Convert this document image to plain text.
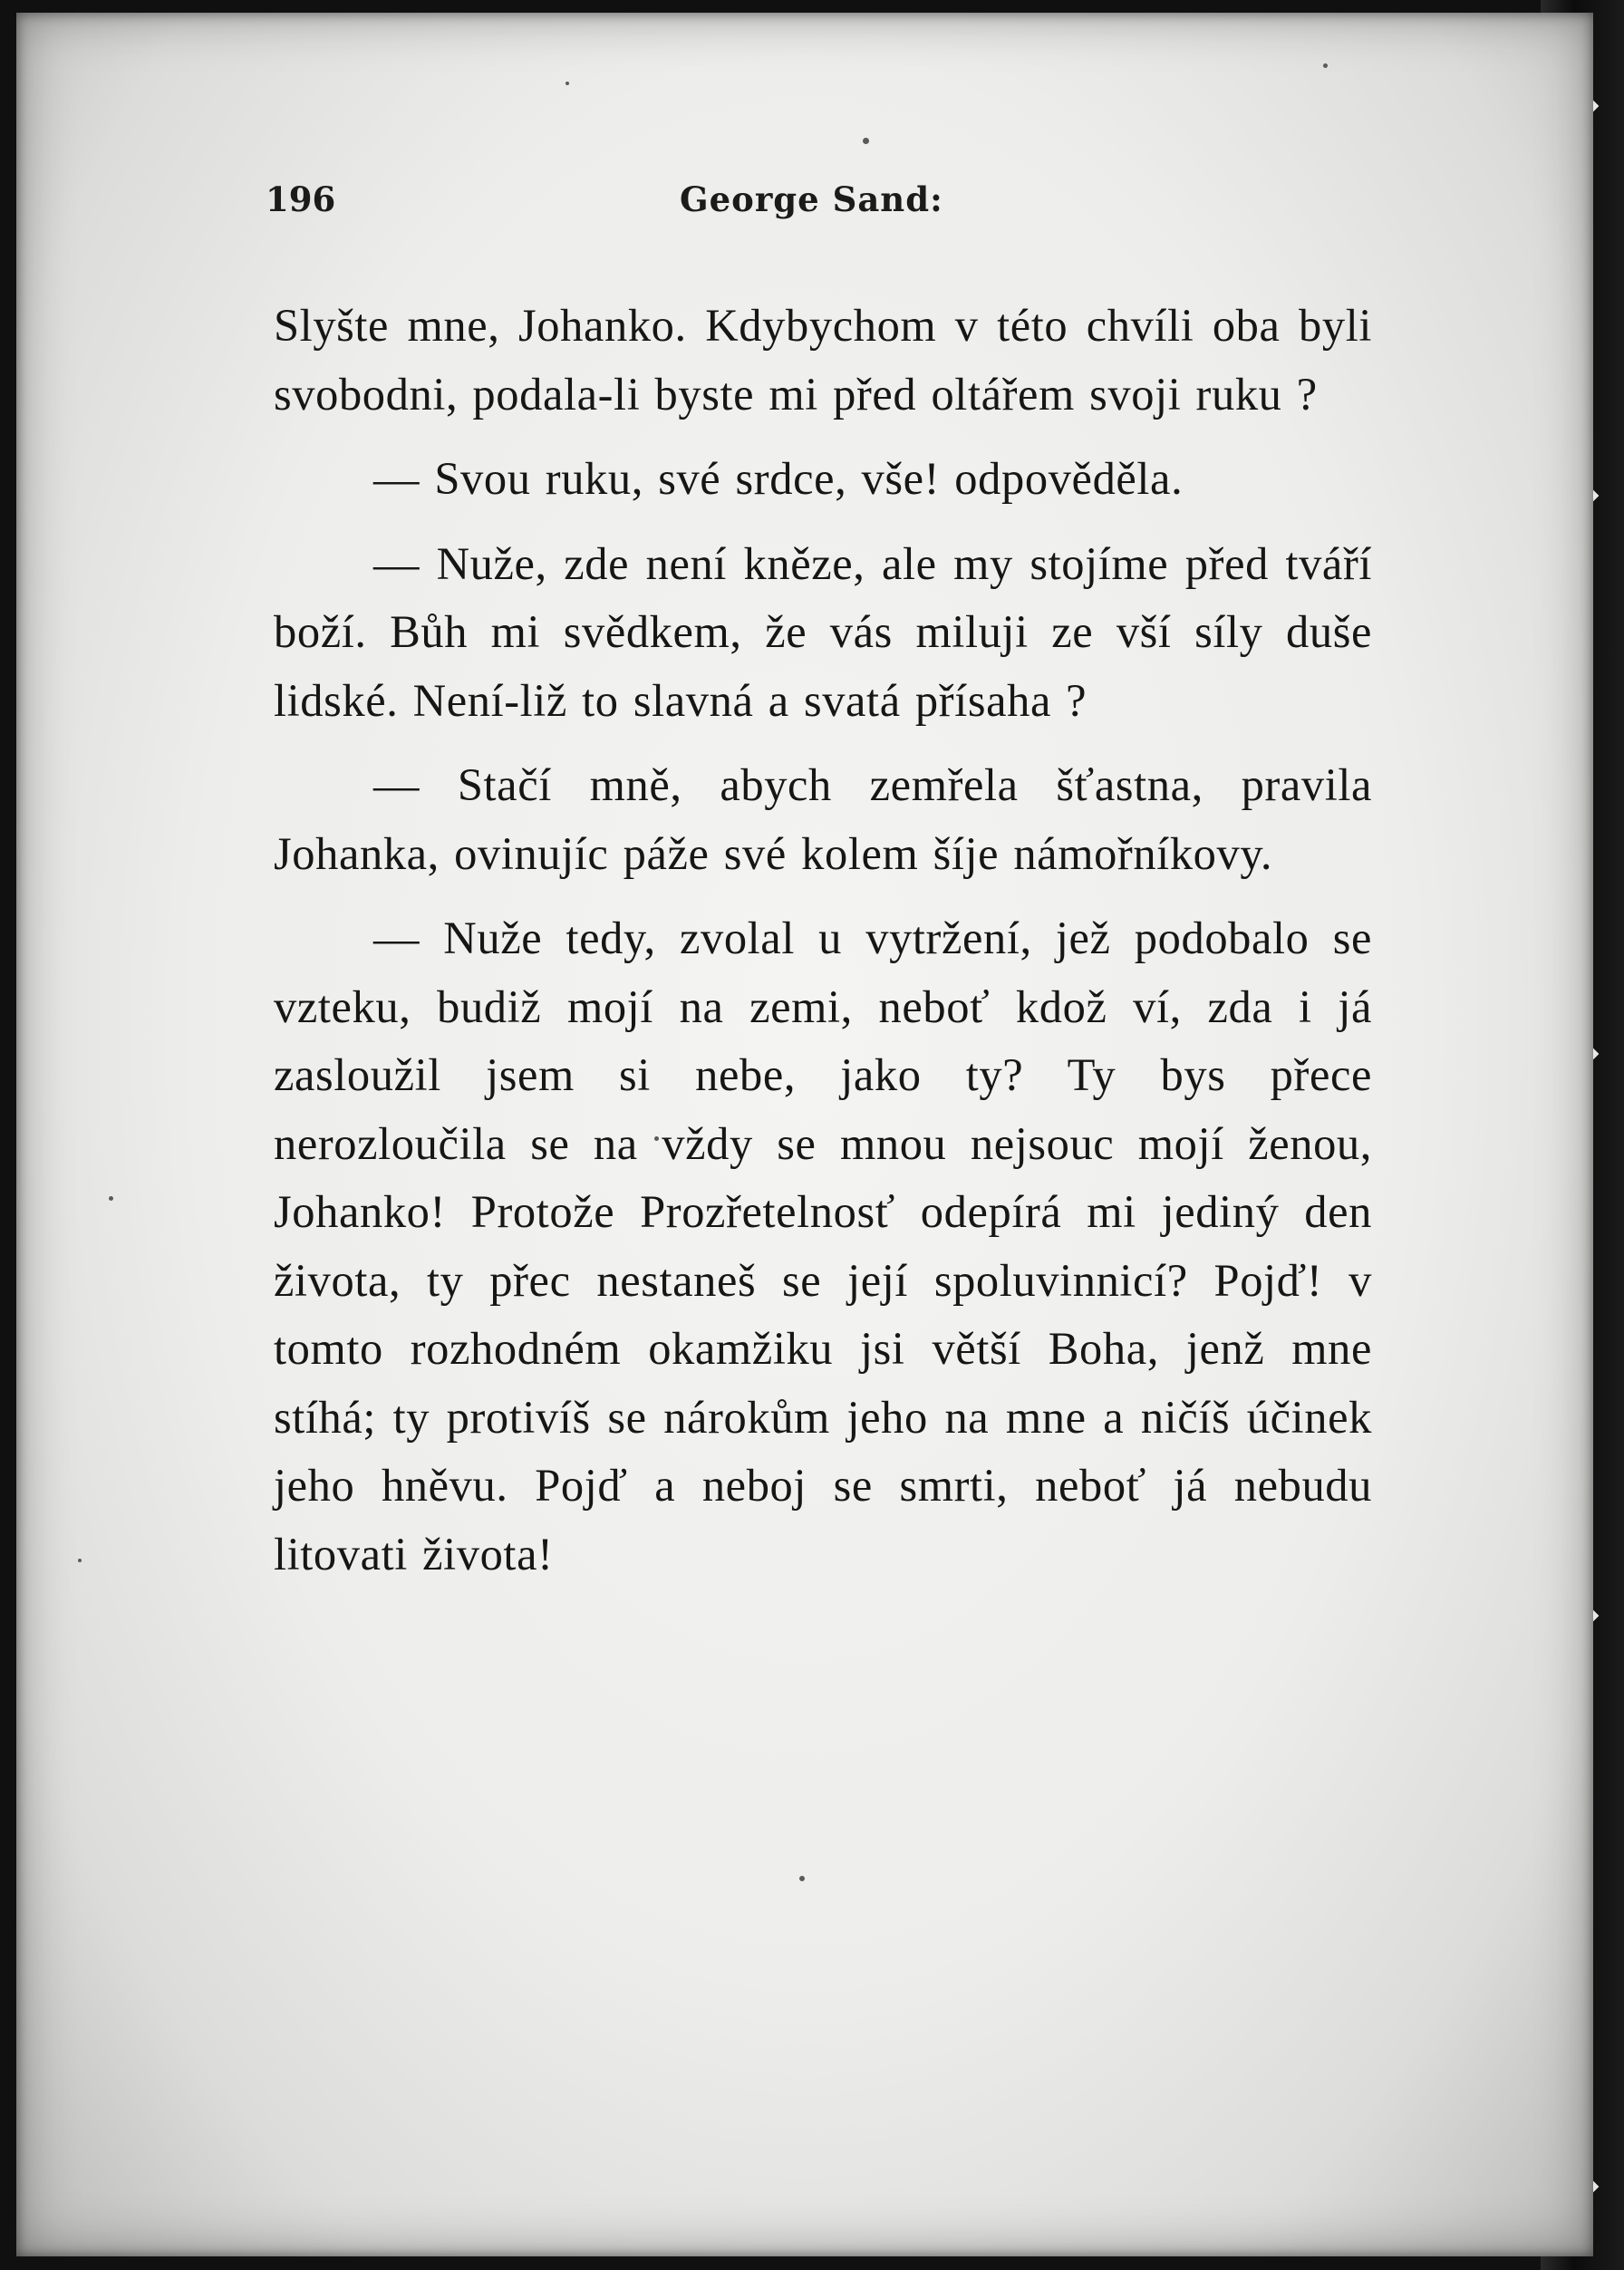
196	George Sand:

Slyšte mne, Johanko. Kdybychom v této chvíli oba byli svobodni, podala-li byste mi před oltářem svoji ruku ?

— Svou ruku, své srdce, vše! odpověděla.

— Nuže, zde není kněze, ale my stojíme před tváří boží. Bůh mi svědkem, že vás miluji ze vší síly duše lidské. Není-liž to slavná a svatá přísaha ?

— Stačí mně, abych zemřela šťastna, pravila Johanka, ovinujíc páže své kolem šíje námořníkovy.

— Nuže tedy, zvolal u vytržení, jež podobalo se vzteku, budiž mojí na zemi, neboť kdož ví, zda i já zasloužil jsem si nebe, jako ty? Ty bys přece nerozloučila se na vždy se mnou nejsouc mojí ženou, Johanko! Protože Prozřetelnosť odepírá mi jediný den života, ty přec nestaneš se její spoluvinnicí? Pojď! v tomto rozhodném okamžiku jsi větší Boha, jenž mne stíhá; ty protivíš se nárokům jeho na mne a ničíš účinek jeho hněvu. Pojď a neboj se smrti, neboť já nebudu litovati života!
